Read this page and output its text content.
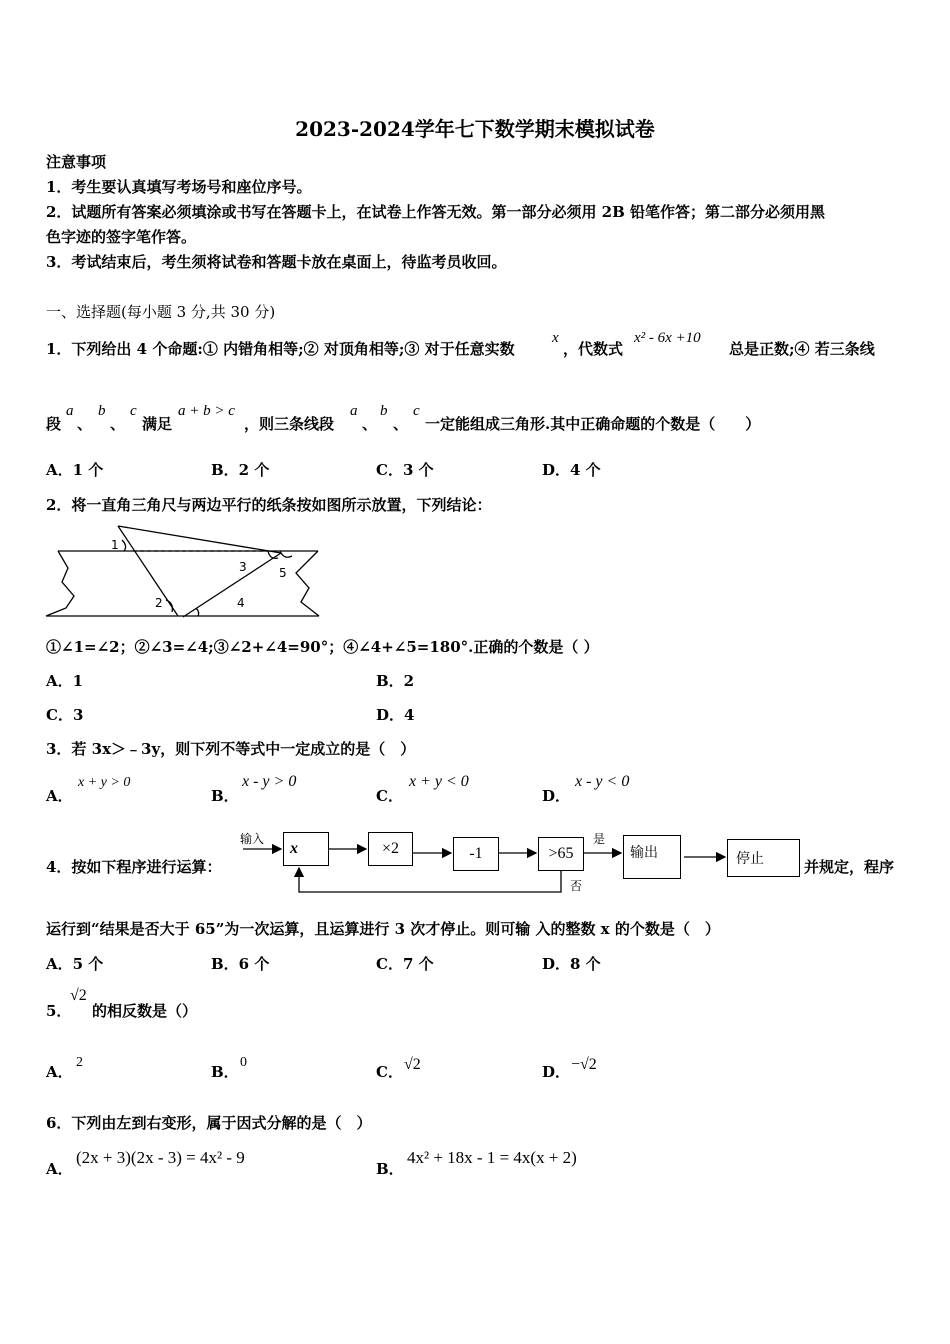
2023-2024学年七下数学期末模拟试卷
注意事项
1．考生要认真填写考场号和座位序号。
2．试题所有答案必须填涂或书写在答题卡上，在试卷上作答无效。第一部分必须用 2B 铅笔作答；第二部分必须用黑
色字迹的签字笔作答。
3．考试结束后，考生须将试卷和答题卡放在桌面上，待监考员收回。
一、选择题(每小题 3 分,共 30 分)
1．下列给出 4 个命题:① 内错角相等;② 对顶角相等;③ 对于任意实数
x
，代数式
x² - 6x +10
总是正数;④ 若三条线
段
a
、
b
、
c
满足
a + b > c
，则三条线段
a
、
b
、
c
一定能组成三角形.其中正确命题的个数是（　　）
A．1 个	B．2 个	C．3 个	D．4 个
2．将一直角三角尺与两边平行的纸条按如图所示放置，下列结论：
1
2
3
4
5
①∠1=∠2；②∠3=∠4;③∠2+∠4=90°；④∠4+∠5=180°.正确的个数是（ ）
A．1	B．2
C．3	D．4
3．若 3x＞﹣3y，则下列不等式中一定成立的是（　）
A．
x + y > 0
B．
x - y > 0
C．
x + y < 0
D．
x - y < 0
4．按如下程序进行运算：
输入
x	×2	-1	>65
是
否
输出	停止	并规定，程序
运行到“结果是否大于 65”为一次运算，且运算进行 3 次才停止。则可输 入的整数 x 的个数是（　）
A．5 个	B．6 个	C．7 个	D．8 个
5．
√2
的相反数是（）
A．
2
B．
0
C． √2	D． −√2
6．下列由左到右变形，属于因式分解的是（　）
A．
(2x + 3)(2x - 3) = 4x² - 9
B．
4x² + 18x - 1 = 4x(x + 2)
